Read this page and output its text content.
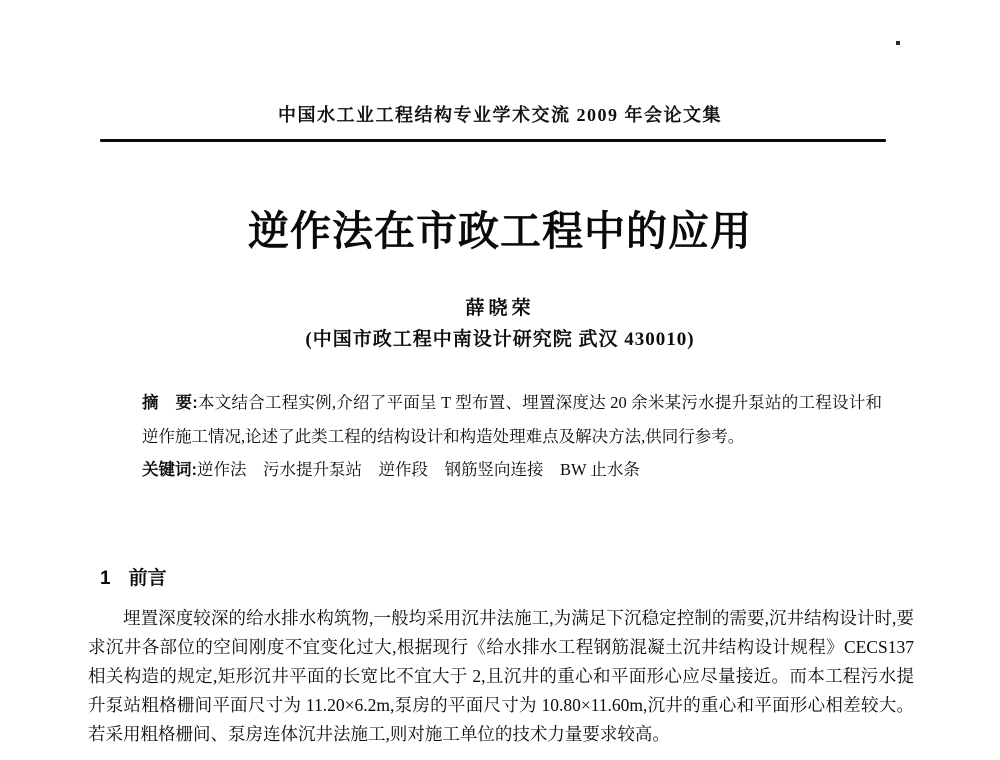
中国水工业工程结构专业学术交流 2009 年会论文集
逆作法在市政工程中的应用
薛晓荣
(中国市政工程中南设计研究院 武汉 430010)

摘　要:本文结合工程实例,介绍了平面呈 T 型布置、埋置深度达 20 余米某污水提升泵站的工程设计和逆作施工情况,论述了此类工程的结构设计和构造处理难点及解决方法,供同行参考。

关键词:逆作法　污水提升泵站　逆作段　钢筋竖向连接　BW 止水条

1 前言

埋置深度较深的给水排水构筑物,一般均采用沉井法施工,为满足下沉稳定控制的需要,沉井结构设计时,要求沉井各部位的空间刚度不宜变化过大,根据现行《给水排水工程钢筋混凝土沉井结构设计规程》CECS137 相关构造的规定,矩形沉井平面的长宽比不宜大于 2,且沉井的重心和平面形心应尽量接近。而本工程污水提升泵站粗格栅间平面尺寸为 11.20×6.2m,泵房的平面尺寸为 10.80×11.60m,沉井的重心和平面形心相差较大。若采用粗格栅间、泵房连体沉井法施工,则对施工单位的技术力量要求较高。
